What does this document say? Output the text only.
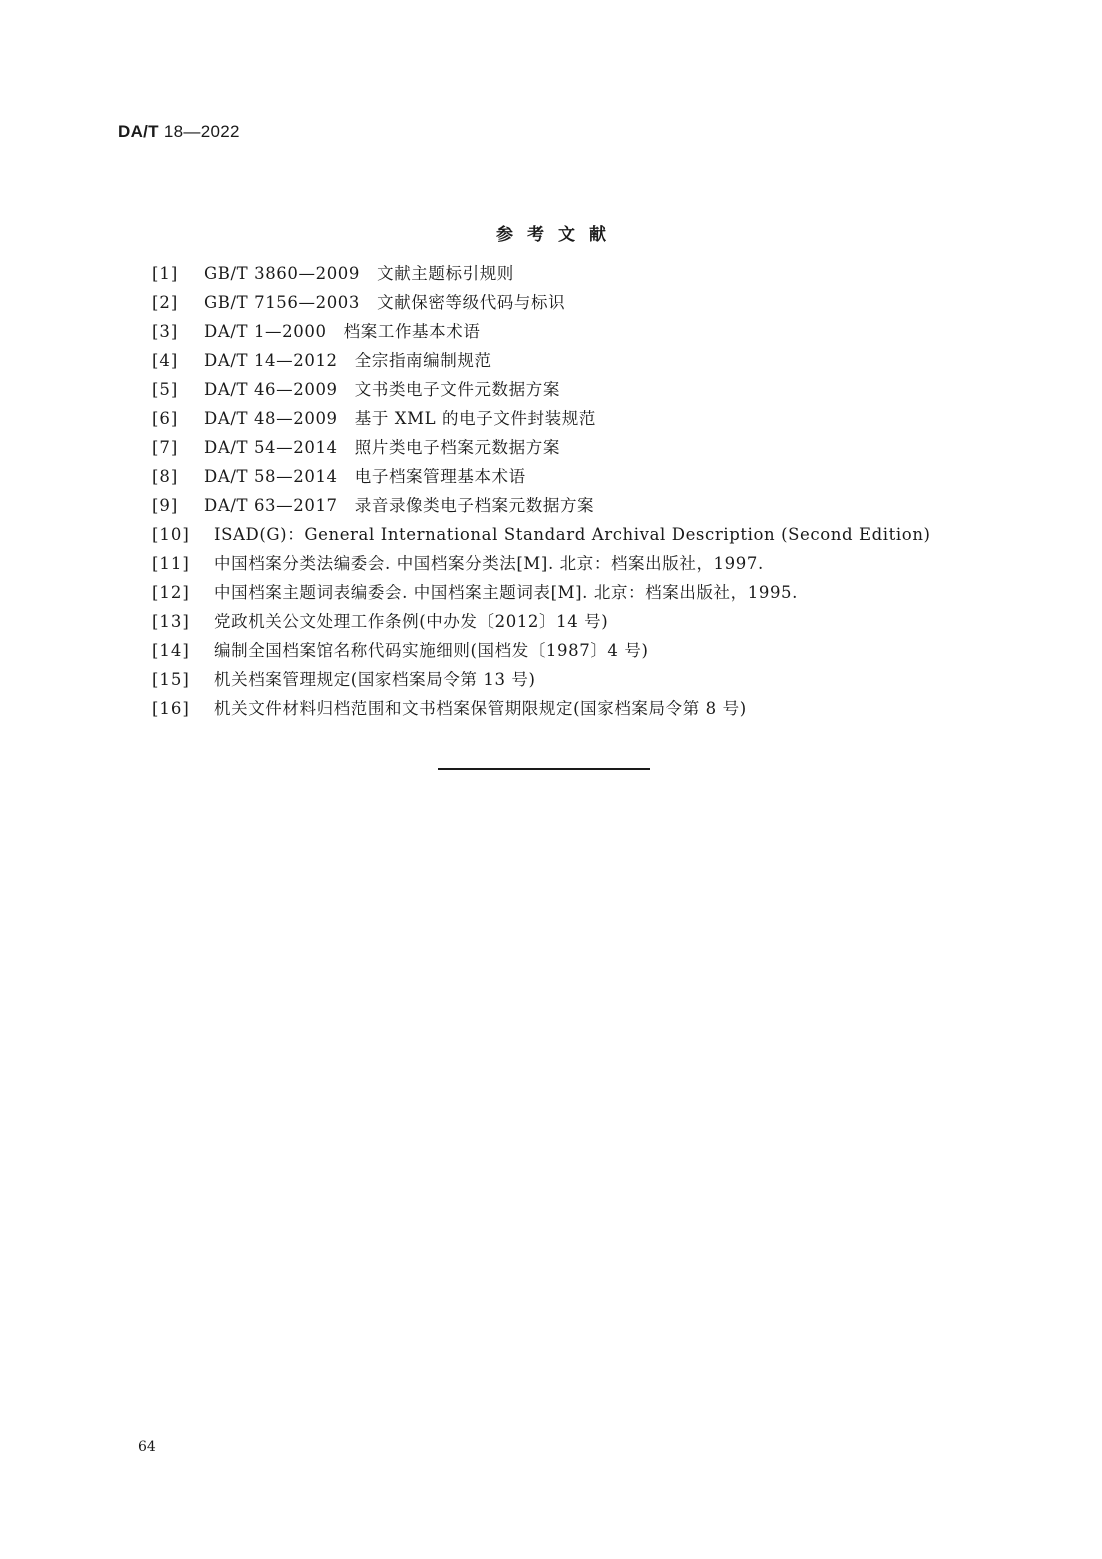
DA/T 18—2022
参考文献
[1]	GB/T 3860—2009　文献主题标引规则
[2]	GB/T 7156—2003　文献保密等级代码与标识
[3]	DA/T 1—2000　档案工作基本术语
[4]	DA/T 14—2012　全宗指南编制规范
[5]	DA/T 46—2009　文书类电子文件元数据方案
[6]	DA/T 48—2009　基于 XML 的电子文件封装规范
[7]	DA/T 54—2014　照片类电子档案元数据方案
[8]	DA/T 58—2014　电子档案管理基本术语
[9]	DA/T 63—2017　录音录像类电子档案元数据方案
[10]	ISAD(G)：General International Standard Archival Description (Second Edition)
[11]	中国档案分类法编委会. 中国档案分类法[M]. 北京：档案出版社，1997.
[12]	中国档案主题词表编委会. 中国档案主题词表[M]. 北京：档案出版社，1995.
[13]	党政机关公文处理工作条例(中办发〔2012〕14 号)
[14]	编制全国档案馆名称代码实施细则(国档发〔1987〕4 号)
[15]	机关档案管理规定(国家档案局令第 13 号)
[16]	机关文件材料归档范围和文书档案保管期限规定(国家档案局令第 8 号)
64
